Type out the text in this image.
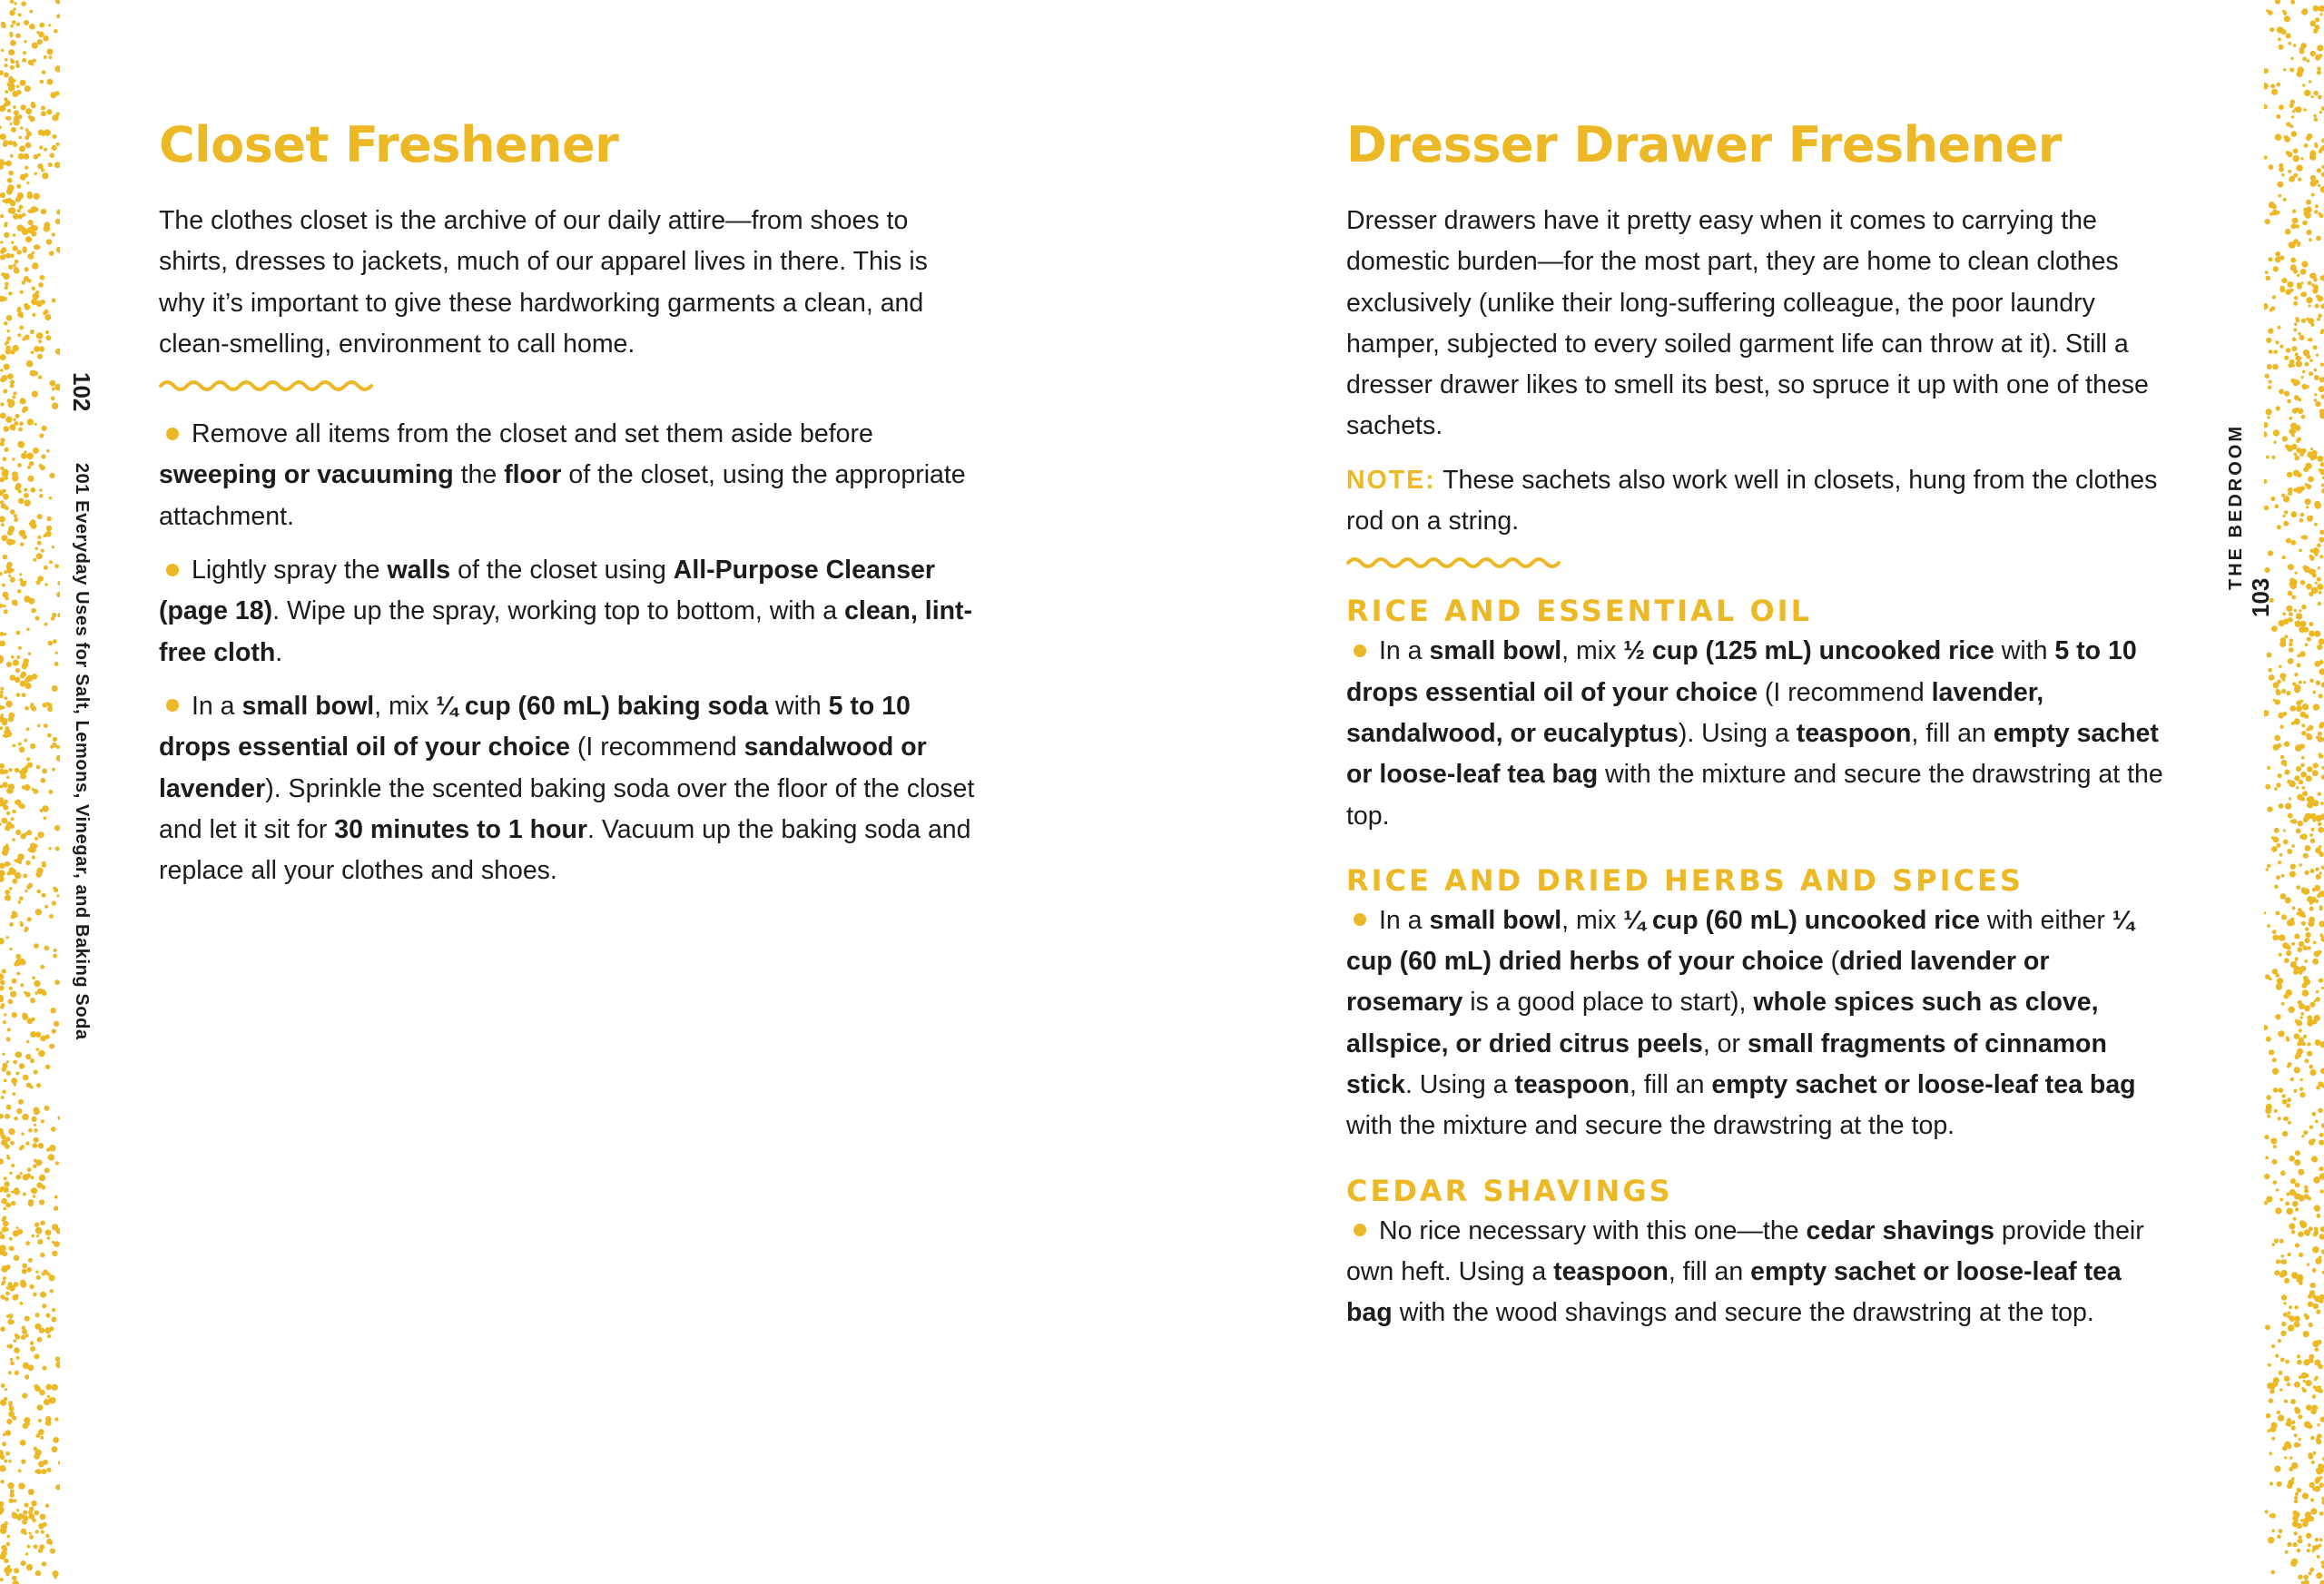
102 201 Everyday Uses for Salt, Lemons, Vinegar, and Baking Soda	THE BEDROOM
103
Closet Freshener

The clothes closet is the archive of our daily attire—from shoes to shirts, dresses to jackets, much of our apparel lives in there. This is why it’s important to give these hardworking garments a clean, and clean-smelling, environment to call home.

Remove all items from the closet and set them aside before sweeping or vacuuming the floor of the closet, using the appropriate attachment.

Lightly spray the walls of the closet using All-Purpose Cleanser (page 18). Wipe up the spray, working top to bottom, with a clean, lint-free cloth.

In a small bowl, mix ¼ cup (60 mL) baking soda with 5 to 10 drops essential oil of your choice (I recommend sandalwood or lavender). Sprinkle the scented baking soda over the floor of the closet and let it sit for 30 minutes to 1 hour. Vacuum up the baking soda and replace all your clothes and shoes.

Dresser Drawer Freshener

Dresser drawers have it pretty easy when it comes to carrying the domestic burden—for the most part, they are home to clean clothes exclusively (unlike their long-suffering colleague, the poor laundry hamper, subjected to every soiled garment life can throw at it). Still a dresser drawer likes to smell its best, so spruce it up with one of these sachets.

NOTE: These sachets also work well in closets, hung from the clothes rod on a string.

RICE AND ESSENTIAL OIL

In a small bowl, mix ½ cup (125 mL) uncooked rice with 5 to 10 drops essential oil of your choice (I recommend lavender, sandalwood, or eucalyptus). Using a teaspoon, fill an empty sachet or loose-leaf tea bag with the mixture and secure the drawstring at the top.

RICE AND DRIED HERBS AND SPICES

In a small bowl, mix ¼ cup (60 mL) uncooked rice with either ¼ cup (60 mL) dried herbs of your choice (dried lavender or rosemary is a good place to start), whole spices such as clove, allspice, or dried citrus peels, or small fragments of cinnamon stick. Using a teaspoon, fill an empty sachet or loose-leaf tea bag with the mixture and secure the drawstring at the top.

CEDAR SHAVINGS

No rice necessary with this one—the cedar shavings provide their own heft. Using a teaspoon, fill an empty sachet or loose-leaf tea bag with the wood shavings and secure the drawstring at the top.
